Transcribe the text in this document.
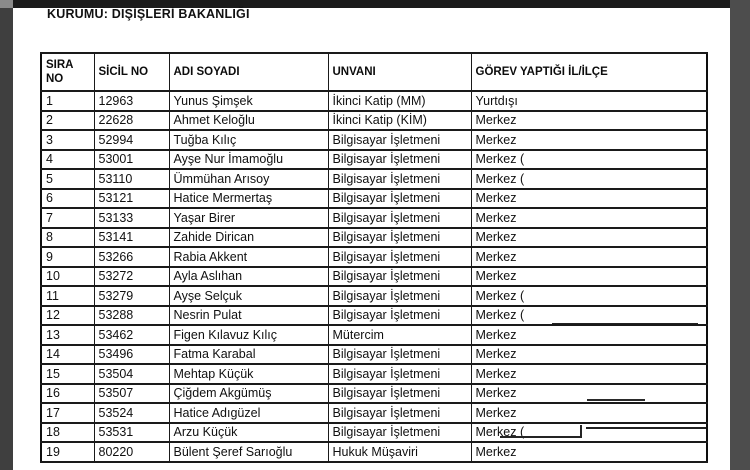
KURUMU: DIŞİŞLERİ BAKANLIĞI
SIRA NO	SİCİL NO	ADI SOYADI	UNVANI	GÖREV YAPTIĞI İL/İLÇE
1	12963	Yunus Şimşek	İkinci Katip (MM)	Yurtdışı
2	22628	Ahmet Keloğlu	İkinci Katip (KİM)	Merkez
3	52994	Tuğba Kılıç	Bilgisayar İşletmeni	Merkez
4	53001	Ayşe Nur İmamoğlu	Bilgisayar İşletmeni	Merkez (
5	53110	Ümmühan Arısoy	Bilgisayar İşletmeni	Merkez (
6	53121	Hatice Mermertaş	Bilgisayar İşletmeni	Merkez
7	53133	Yaşar Birer	Bilgisayar İşletmeni	Merkez
8	53141	Zahide Dirican	Bilgisayar İşletmeni	Merkez
9	53266	Rabia Akkent	Bilgisayar İşletmeni	Merkez
10	53272	Ayla Aslıhan	Bilgisayar İşletmeni	Merkez
11	53279	Ayşe Selçuk	Bilgisayar İşletmeni	Merkez (
12	53288	Nesrin Pulat	Bilgisayar İşletmeni	Merkez (
13	53462	Figen Kılavuz Kılıç	Mütercim	Merkez
14	53496	Fatma Karabal	Bilgisayar İşletmeni	Merkez
15	53504	Mehtap Küçük	Bilgisayar İşletmeni	Merkez
16	53507	Çiğdem Akgümüş	Bilgisayar İşletmeni	Merkez
17	53524	Hatice Adıgüzel	Bilgisayar İşletmeni	Merkez
18	53531	Arzu Küçük	Bilgisayar İşletmeni	Merkez (
19	80220	Bülent Şeref Sarıoğlu	Hukuk Müşaviri	Merkez
